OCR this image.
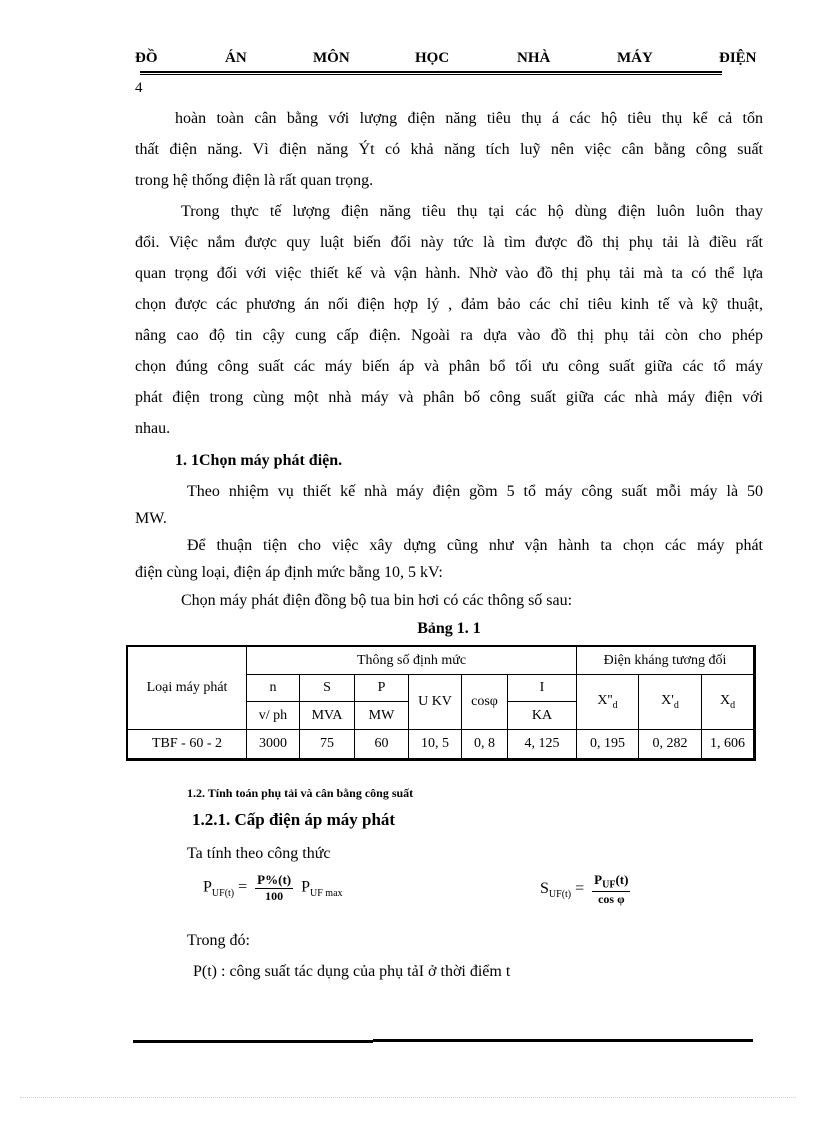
ĐỒ	ÁN	MÔN	HỌC	NHÀ	MÁY	ĐIỆN
4
hoàn toàn cân bằng với lượng điện năng tiêu thụ á các hộ tiêu thụ kể cả tổn
thất điện năng. Vì điện năng Ýt có khả năng tích luỹ nên việc cân bằng công suất
trong hệ thống điện là rất quan trọng.
Trong thực tế lượng điện năng tiêu thụ tại các hộ dùng điện luôn luôn thay
đổi. Việc nắm được quy luật biến đổi này tức là tìm được đồ thị phụ tải là điều rất
quan trọng đối với việc thiết kế và vận hành. Nhờ vào đồ thị phụ tải mà ta có thể lựa
chọn được các phương án nối điện hợp lý , đảm bảo các chỉ tiêu kinh tế và kỹ thuật,
nâng cao độ tin cậy cung cấp điện. Ngoài ra dựa vào đồ thị phụ tải còn cho phép
chọn đúng công suất các máy biến áp và phân bổ tối ưu công suất giữa các tổ máy
phát điện trong cùng một nhà máy và phân bố công suất giữa các nhà máy điện với
nhau.
1. 1Chọn máy phát điện.
Theo nhiệm vụ thiết kế nhà máy điện gồm 5 tổ máy công suất mỗi máy là 50
MW.
Để thuận tiện cho việc xây dựng cũng như vận hành ta chọn các máy phát
điện cùng loại, điện áp định mức bằng 10, 5 kV:
Chọn máy phát điện đồng bộ tua bin hơi có các thông số sau:
Bảng 1. 1
Loại máy phát	Thông số định mức						Điện kháng tương đối		
	n	S	P	U KV	cosφ	I	$X''_d$	$X'_d$	$X_d$
	v/ ph	MVA	MW			KA			
TBF - 60 - 2	3000	75	60	10, 5	0, 8	4, 125	0, 195	0, 282	1, 606
1.2. Tính toán phụ tải và cân bằng công suất
1.2.1. Cấp điện áp máy phát
Ta tính theo công thức
$P_{UF(t)} = \frac{P\%(t)}{100} P_{UF max}$	$S_{UF(t)} = \frac{P_{UF}(t)}{\text{cos φ}}$
Trong đó:
P(t) : công suất tác dụng của phụ tảI ở thời điểm t
